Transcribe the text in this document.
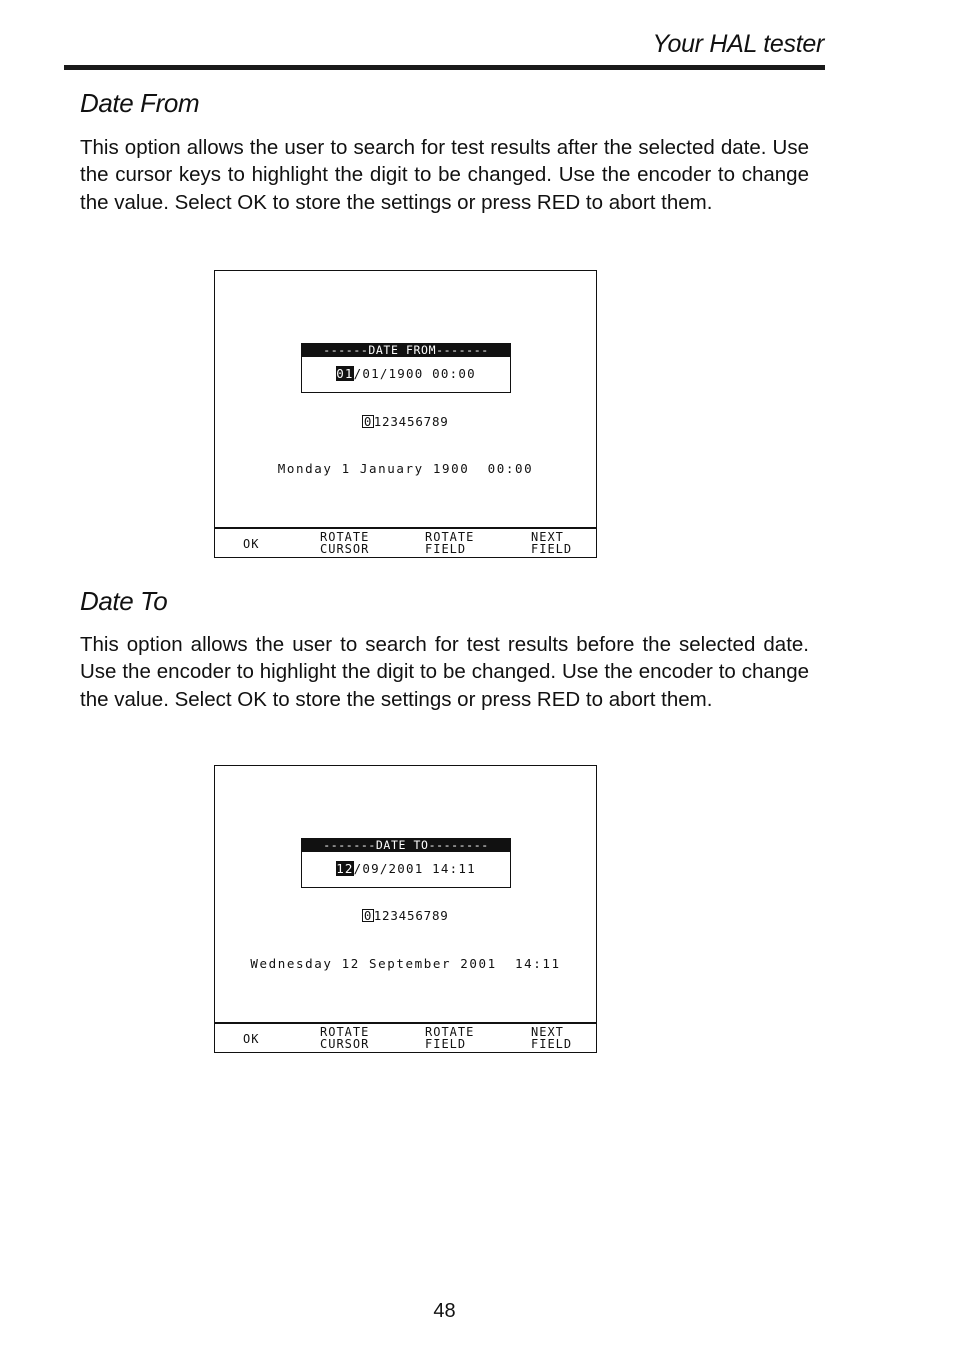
Your HAL tester
Date From

This option allows the user to search for test results after the selected date. Use the cursor keys to highlight the digit to be changed. Use the encoder to change the value. Select OK to store the settings or press RED to abort them.

------DATE FROM-------
01/01/1900 00:00
0 123456789
Monday 1 January 1900  00:00
OK	ROTATE
CURSOR
ROTATE
FIELD
NEXT
FIELD
Date To

This option allows the user to search for test results before the selected date. Use the encoder to highlight the digit to be changed. Use the encoder to change the value. Select OK to store the settings or press RED to abort them.

-------DATE TO--------
12/09/2001 14:11
0 123456789
Wednesday 12 September 2001  14:11
OK	ROTATE
CURSOR
ROTATE
FIELD
NEXT
FIELD
48
